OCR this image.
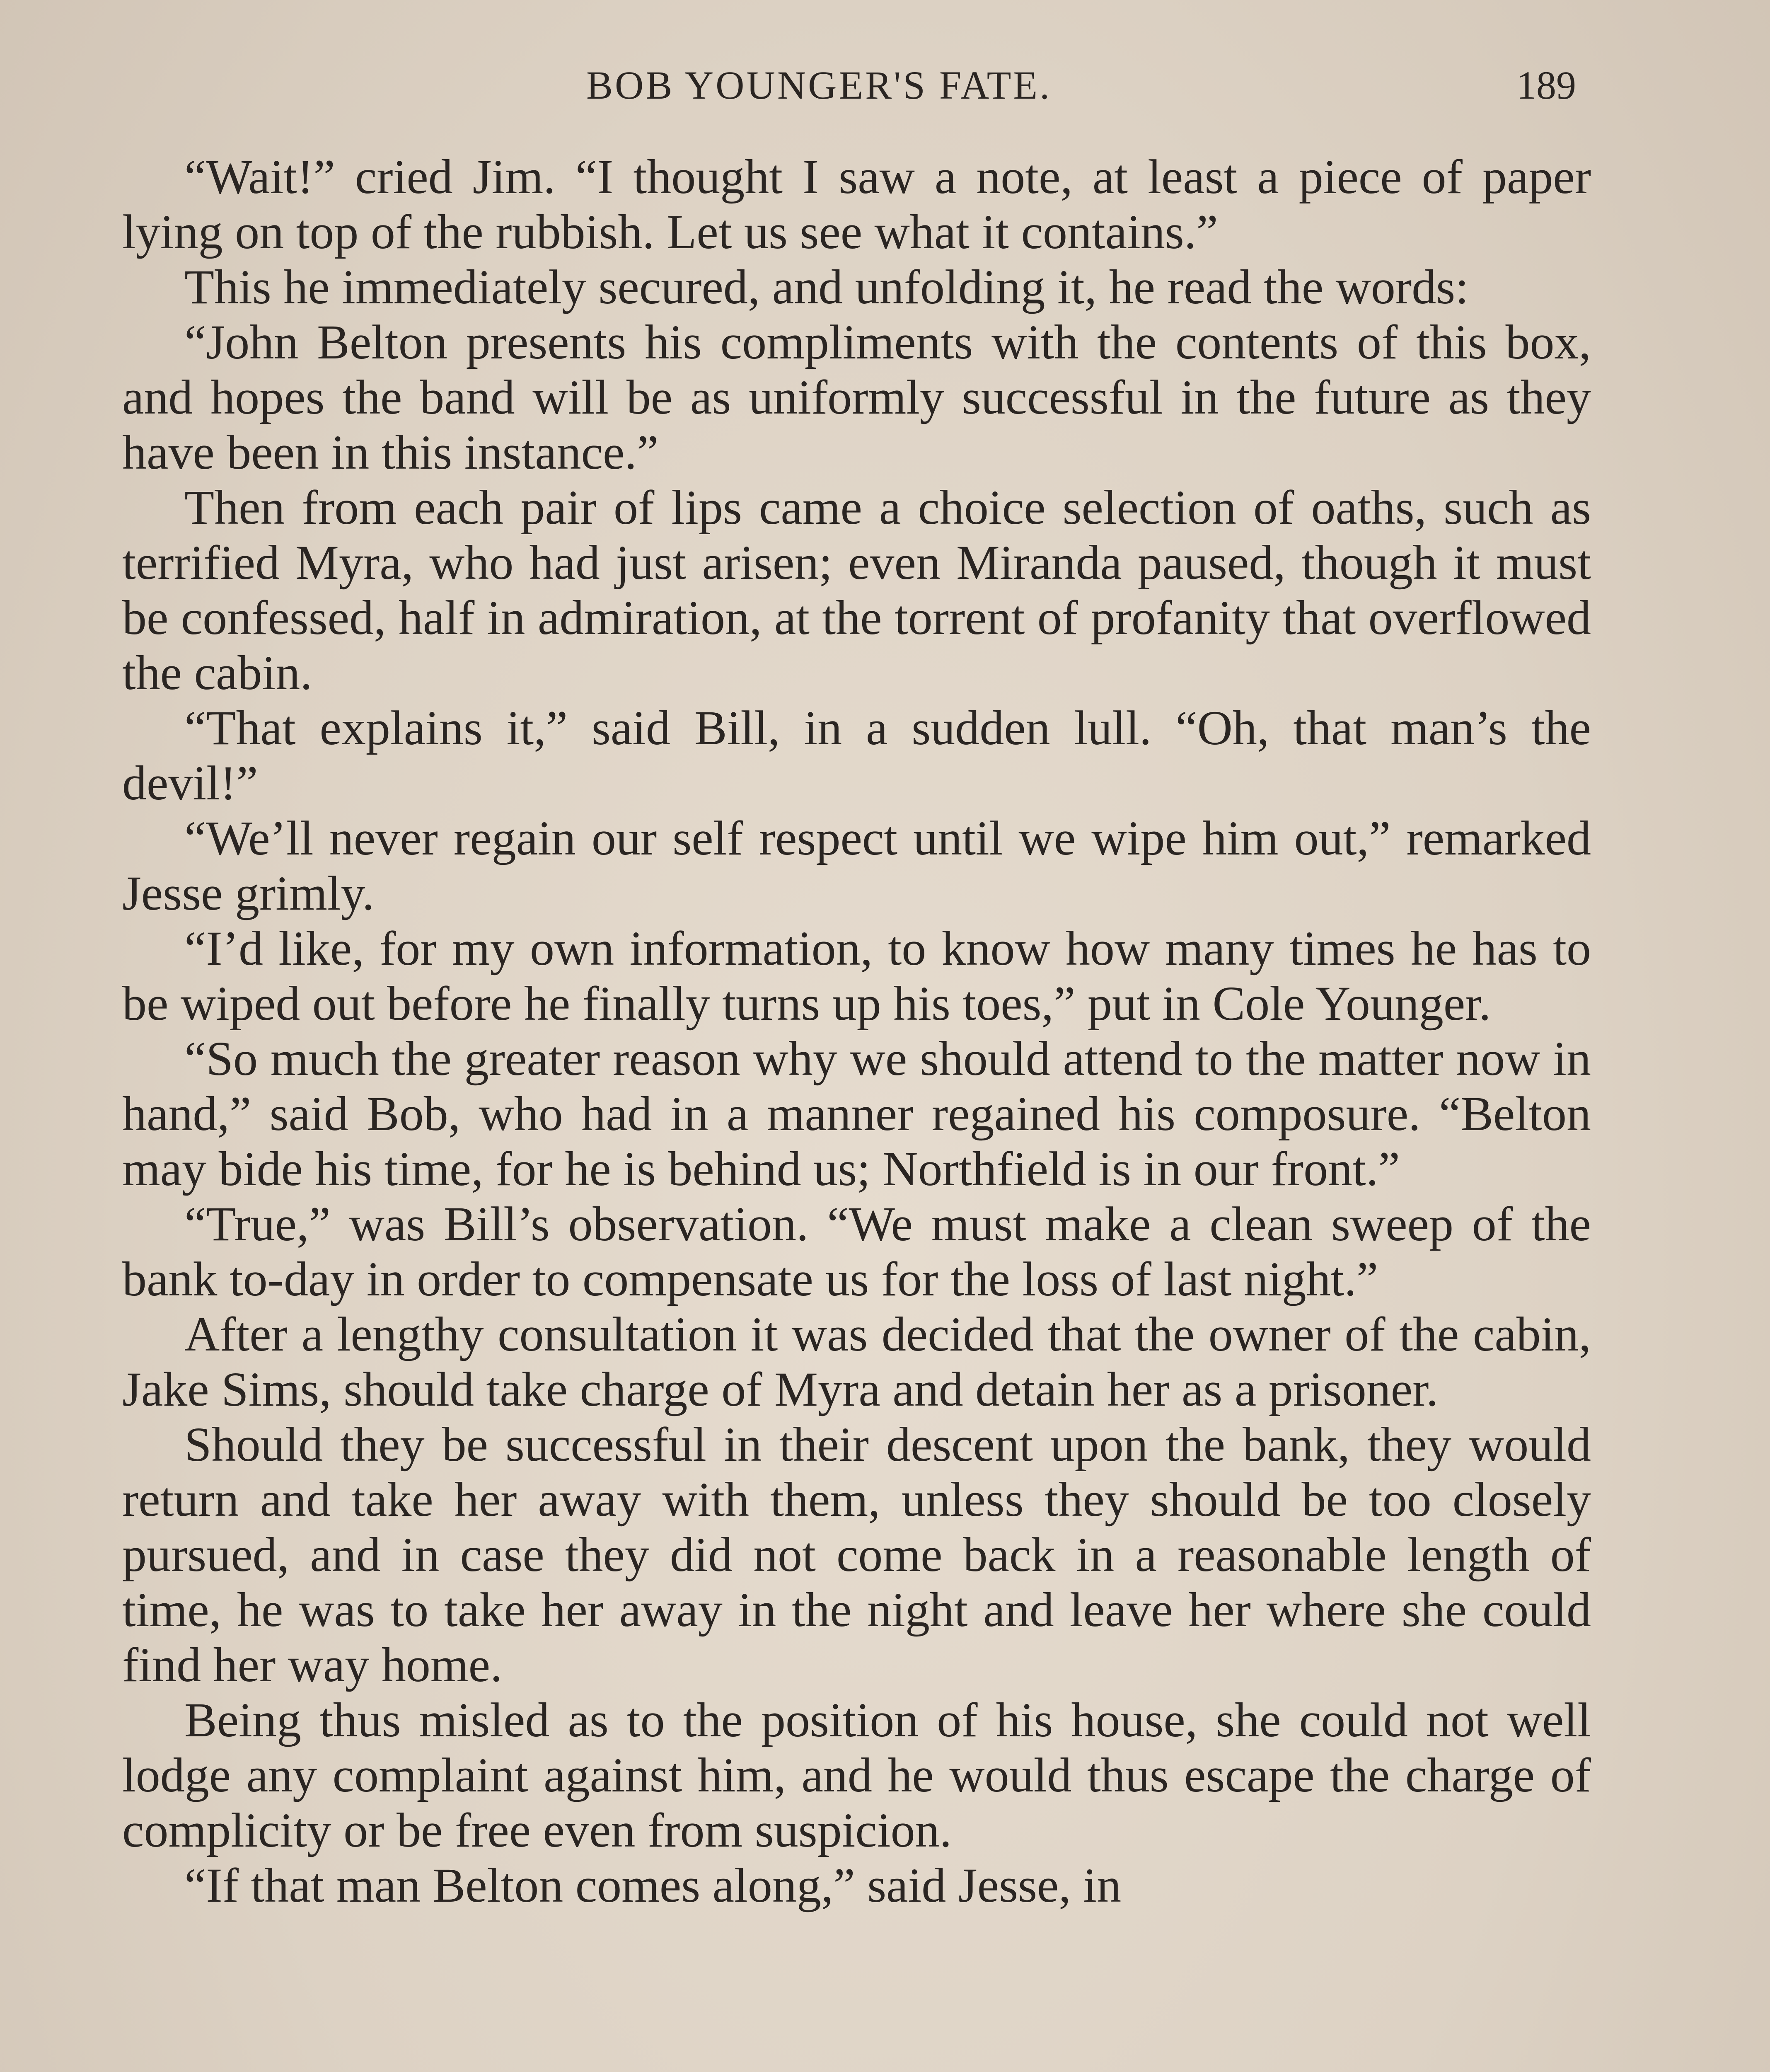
BOB YOUNGER'S FATE.	189

“Wait!” cried Jim. “I thought I saw a note, at least a piece of paper lying on top of the rubbish. Let us see what it contains.”

This he immediately secured, and unfolding it, he read the words:

“John Belton presents his compliments with the contents of this box, and hopes the band will be as uniformly successful in the future as they have been in this instance.”

Then from each pair of lips came a choice selection of oaths, such as terrified Myra, who had just arisen; even Miranda paused, though it must be confessed, half in admiration, at the torrent of profanity that overflowed the cabin.

“That explains it,” said Bill, in a sudden lull. “Oh, that man’s the devil!”

“We’ll never regain our self respect until we wipe him out,” remarked Jesse grimly.

“I’d like, for my own information, to know how many times he has to be wiped out before he finally turns up his toes,” put in Cole Younger.

“So much the greater reason why we should attend to the matter now in hand,” said Bob, who had in a manner regained his composure. “Belton may bide his time, for he is behind us; Northfield is in our front.”

“True,” was Bill’s observation. “We must make a clean sweep of the bank to-day in order to compensate us for the loss of last night.”

After a lengthy consultation it was decided that the owner of the cabin, Jake Sims, should take charge of Myra and detain her as a prisoner.

Should they be successful in their descent upon the bank, they would return and take her away with them, unless they should be too closely pursued, and in case they did not come back in a reasonable length of time, he was to take her away in the night and leave her where she could find her way home.

Being thus misled as to the position of his house, she could not well lodge any complaint against him, and he would thus escape the charge of complicity or be free even from suspicion.

“If that man Belton comes along,” said Jesse, in
